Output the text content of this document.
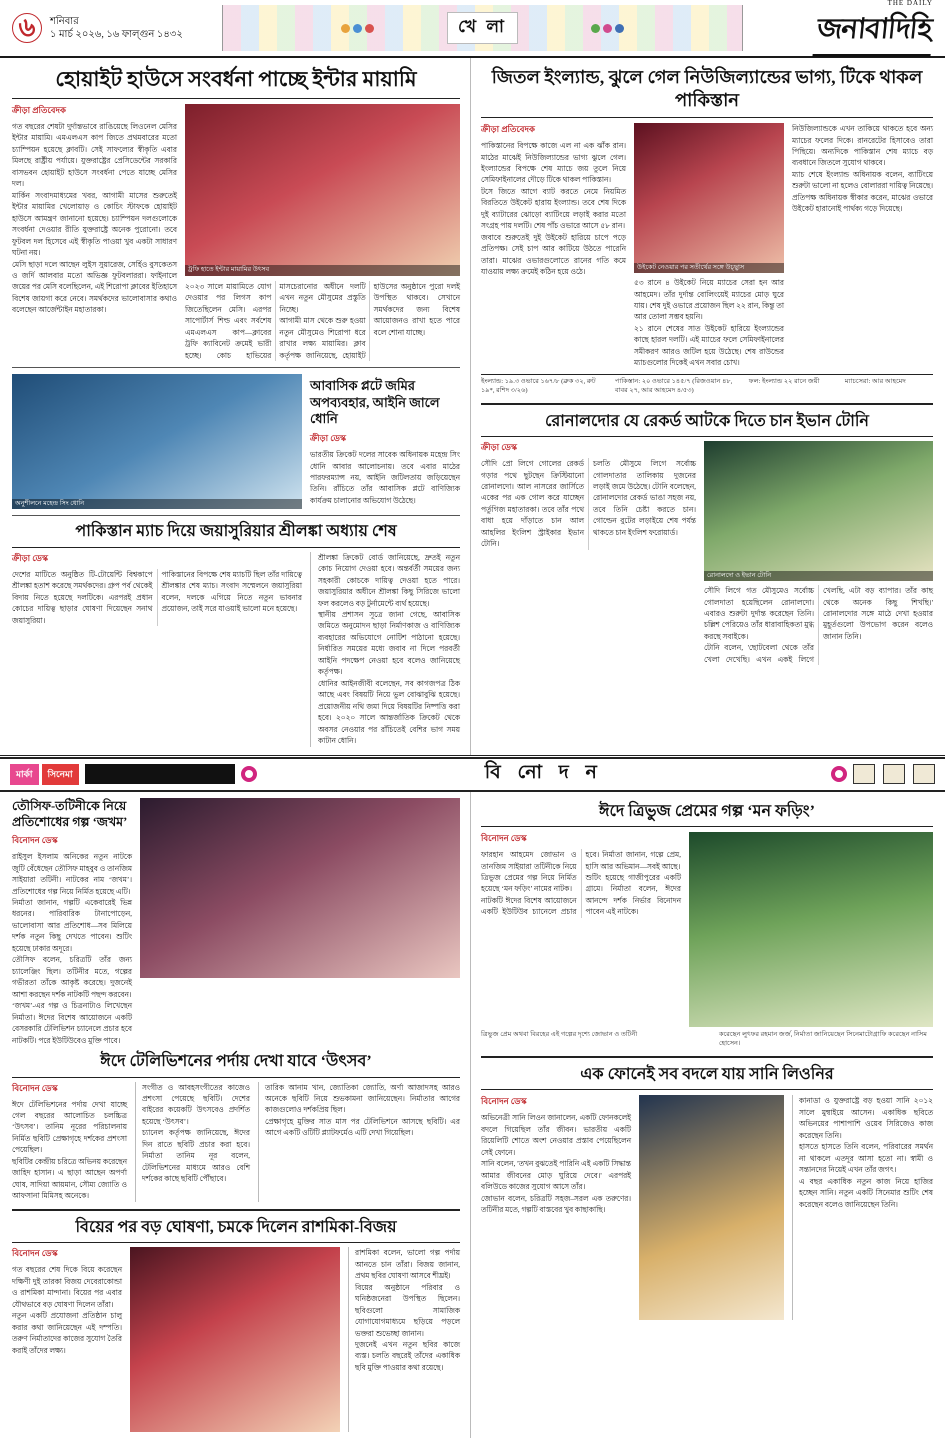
৬	শনিবার
১ মার্চ ২০২৬, ১৬ ফাল্গুন ১৪৩২	খে লা
THE DAILY
জনাবাদিহি
হোয়াইট হাউসে সংবর্ধনা পাচ্ছে ইন্টার মায়ামি
ক্রীড়া প্রতিবেদক
গত বছরের শেষটা দুর্দান্তভাবে রাঙিয়েছে লিওনেল মেসির ইন্টার মায়ামি। এমএলএস কাপ জিতে প্রথমবারের মতো চ্যাম্পিয়ন হয়েছে ক্লাবটি। সেই সাফল্যের স্বীকৃতি এবার মিলছে রাষ্ট্রীয় পর্যায়ে। যুক্তরাষ্ট্রের প্রেসিডেন্টের সরকারি বাসভবন হোয়াইট হাউসে সংবর্ধনা পেতে যাচ্ছে মেসির দল।
মার্কিন সংবাদমাধ্যমের খবর, আগামী মাসের শুরুতেই ইন্টার মায়ামির খেলোয়াড় ও কোচিং স্টাফকে হোয়াইট হাউসে আমন্ত্রণ জানানো হয়েছে। চ্যাম্পিয়ন দলগুলোকে সংবর্ধনা দেওয়ার রীতি যুক্তরাষ্ট্রে অনেক পুরোনো। তবে ফুটবল দল হিসেবে এই স্বীকৃতি পাওয়া খুব একটা সাধারণ ঘটনা নয়।
মেসি ছাড়া দলে আছেন লুইস সুয়ারেজ, সের্হিও বুসকেতস ও জর্দি আলবার মতো অভিজ্ঞ ফুটবলাররা। ফাইনালে জয়ের পর মেসি বলেছিলেন, এই শিরোপা ক্লাবের ইতিহাসে বিশেষ জায়গা করে নেবে। সমর্থকদের ভালোবাসার কথাও বলেছেন আর্জেন্টাইন মহাতারকা।
ট্রফি হাতে ইন্টার মায়ামির উৎসব
২০২৩ সালে মায়ামিতে যোগ দেওয়ার পর লিগস কাপ জিতেছিলেন মেসি। এরপর সাপোর্টার্স শিল্ড এবং সর্বশেষ এমএলএস কাপ—ক্লাবের ট্রফি ক্যাবিনেট ক্রমেই ভারী হচ্ছে। কোচ হাভিয়ের মাসচেরানোর অধীনে দলটি এখন নতুন মৌসুমের প্রস্তুতি নিচ্ছে।
আগামী মাস থেকে শুরু হওয়া নতুন মৌসুমেও শিরোপা ধরে রাখার লক্ষ্য মায়ামির। ক্লাব কর্তৃপক্ষ জানিয়েছে, হোয়াইট হাউসের অনুষ্ঠানে পুরো দলই উপস্থিত থাকবে। সেখানে সমর্থকদের জন্য বিশেষ আয়োজনও রাখা হতে পারে বলে শোনা যাচ্ছে।
অনুশীলনে মহেন্দ্র সিং ধোনি
আবাসিক প্লটে জমির অপব্যবহার, আইনি জালে ধোনি
ক্রীড়া ডেস্ক
ভারতীয় ক্রিকেট দলের সাবেক অধিনায়ক মহেন্দ্র সিং ধোনি আবার আলোচনায়। তবে এবার মাঠের পারফরম্যান্স নয়, আইনি জটিলতায় জড়িয়েছেন তিনি। রাঁচিতে তাঁর আবাসিক প্লটে বাণিজ্যিক কার্যক্রম চালানোর অভিযোগ উঠেছে।
পাকিস্তান ম্যাচ দিয়ে জয়াসুরিয়ার শ্রীলঙ্কা অধ্যায় শেষ
ক্রীড়া ডেস্ক
দেশের মাটিতে অনুষ্ঠিত টি-টোয়েন্টি বিশ্বকাপে শ্রীলঙ্কা হতাশ করেছে সমর্থকদের। গ্রুপ পর্ব থেকেই বিদায় নিতে হয়েছে দলটিকে। এরপরই প্রধান কোচের দায়িত্ব ছাড়ার ঘোষণা দিয়েছেন সনাথ জয়াসুরিয়া।
পাকিস্তানের বিপক্ষে শেষ ম্যাচটি ছিল তাঁর দায়িত্বে শ্রীলঙ্কার শেষ ম্যাচ। সংবাদ সম্মেলনে জয়াসুরিয়া বলেন, দলকে এগিয়ে নিতে নতুন ভাবনার প্রয়োজন, তাই সরে যাওয়াই ভালো মনে হয়েছে।
শ্রীলঙ্কা ক্রিকেট বোর্ড জানিয়েছে, দ্রুতই নতুন কোচ নিয়োগ দেওয়া হবে। অন্তর্বর্তী সময়ের জন্য সহকারী কোচকে দায়িত্ব দেওয়া হতে পারে। জয়াসুরিয়ার অধীনে শ্রীলঙ্কা কিছু সিরিজে ভালো ফল করলেও বড় টুর্নামেন্টে ব্যর্থ হয়েছে।
স্থানীয় প্রশাসন সূত্রে জানা গেছে, আবাসিক জমিতে অনুমোদন ছাড়া নির্মাণকাজ ও বাণিজ্যিক ব্যবহারের অভিযোগে নোটিশ পাঠানো হয়েছে। নির্ধারিত সময়ের মধ্যে জবাব না দিলে পরবর্তী আইনি পদক্ষেপ নেওয়া হবে বলেও জানিয়েছে কর্তৃপক্ষ।
ধোনির আইনজীবী বলেছেন, সব কাগজপত্র ঠিক আছে এবং বিষয়টি নিয়ে ভুল বোঝাবুঝি হয়েছে। প্রয়োজনীয় নথি জমা দিয়ে বিষয়টির নিষ্পত্তি করা হবে। ২০২০ সালে আন্তর্জাতিক ক্রিকেট থেকে অবসর নেওয়ার পর রাঁচিতেই বেশির ভাগ সময় কাটান ধোনি।
জিতল ইংল্যান্ড, ঝুলে গেল নিউজিল্যান্ডের ভাগ্য, টিকে থাকল পাকিস্তান
ক্রীড়া প্রতিবেদক
পাকিস্তানের বিপক্ষে কাজে এল না এক ঝাঁক রান। মাঠের মাঝেই নিউজিল্যান্ডের ভাগ্য ঝুলে গেল। ইংল্যান্ডের বিপক্ষে শেষ ম্যাচে জয় তুলে নিয়ে সেমিফাইনালের দৌড়ে টিকে থাকল পাকিস্তান।
টসে জিতে আগে ব্যাট করতে নেমে নিয়মিত বিরতিতে উইকেট হারায় ইংল্যান্ড। তবে শেষ দিকে দুই ব্যাটারের ঝোড়ো ব্যাটিংয়ে লড়াই করার মতো সংগ্রহ পায় দলটি। শেষ পাঁচ ওভারে আসে ৫৮ রান।
জবাবে শুরুতেই দুই উইকেট হারিয়ে চাপে পড়ে প্রতিপক্ষ। সেই চাপ আর কাটিয়ে উঠতে পারেনি তারা। মাঝের ওভারগুলোতে রানের গতি কমে যাওয়ায় লক্ষ্য ক্রমেই কঠিন হয়ে ওঠে।
উইকেট নেওয়ার পর সতীর্থের সঙ্গে উচ্ছ্বাস
৫৩ রানে ৪ উইকেট নিয়ে ম্যাচের সেরা হন আর আহমেদ। তাঁর দুর্দান্ত বোলিংয়েই ম্যাচের মোড় ঘুরে যায়। শেষ দুই ওভারে প্রয়োজন ছিল ২২ রান, কিন্তু তা আর তোলা সম্ভব হয়নি।
২১ রানে শেষের সাত উইকেট হারিয়ে ইংল্যান্ডের কাছে হারল দলটি। এই ম্যাচের ফলে সেমিফাইনালের সমীকরণ আরও জটিল হয়ে উঠেছে। শেষ রাউন্ডের ম্যাচগুলোর দিকেই এখন সবার চোখ।
নিউজিল্যান্ডকে এখন তাকিয়ে থাকতে হবে অন্য ম্যাচের ফলের দিকে। রানরেটের হিসাবেও তারা পিছিয়ে। অন্যদিকে পাকিস্তান শেষ ম্যাচে বড় ব্যবধানে জিতলে সুযোগ থাকবে।
ম্যাচ শেষে ইংল্যান্ড অধিনায়ক বলেন, ব্যাটিংয়ে শুরুটা ভালো না হলেও বোলাররা দায়িত্ব নিয়েছে। প্রতিপক্ষ অধিনায়ক স্বীকার করেন, মাঝের ওভারে উইকেট হারানোই পার্থক্য গড়ে দিয়েছে।
ইংল্যান্ড: ১৯.৩ ওভারে ১৬৭/৮ (ব্রুক ৩২, রুট ১৯*, রশিদ ৩/২৬)
পাকিস্তান: ২০ ওভারে ১৪৫/৭ (রিজওয়ান ৪৮, বাবর ২৭, আর আহমেদ ৪/৫৩)
ফল: ইংল্যান্ড ২২ রানে জয়ী	ম্যাচসেরা: আর আহমেদ
রোনালদোর যে রেকর্ড আটকে দিতে চান ইভান টোনি
ক্রীড়া ডেস্ক
সৌদি প্রো লিগে গোলের রেকর্ড গড়ার পথে ছুটছেন ক্রিস্টিয়ানো রোনালদো। আল নাসরের জার্সিতে একের পর এক গোল করে যাচ্ছেন পর্তুগিজ মহাতারকা। তবে তাঁর পথে বাধা হয়ে দাঁড়াতে চান আল আহলির ইংলিশ স্ট্রাইকার ইভান টোনি।
চলতি মৌসুমে লিগে সর্বোচ্চ গোলদাতার তালিকায় দুজনের লড়াই জমে উঠেছে। টোনি বলেছেন, রোনালদোর রেকর্ড ভাঙা সহজ নয়, তবে তিনি চেষ্টা করতে চান। গোল্ডেন বুটের লড়াইয়ে শেষ পর্যন্ত থাকতে চান ইংলিশ ফরোয়ার্ড।
রোনালদো ও ইভান টোনি
সৌদি লিগে গত মৌসুমেও সর্বোচ্চ গোলদাতা হয়েছিলেন রোনালদো। এবারও শুরুটা দুর্দান্ত করেছেন তিনি। চল্লিশ পেরিয়েও তাঁর ধারাবাহিকতা মুগ্ধ করছে সবাইকে।
টোনি বলেন, 'ছোটবেলা থেকে তাঁর খেলা দেখেছি। এখন একই লিগে খেলছি, এটা বড় ব্যাপার। তাঁর কাছ থেকে অনেক কিছু শিখছি।' রোনালদোর সঙ্গে মাঠে দেখা হওয়ার মুহূর্তগুলো উপভোগ করেন বলেও জানান তিনি।
মার্কা	সিনেমা	বি নো দ ন
তৌসিফ-তটিনীকে নিয়ে প্রতিশোধের গল্প ‘জখম’
বিনোদন ডেস্ক
রাইসুল ইসলাম অনিকের নতুন নাটকে জুটি বেঁধেছেন তৌসিফ মাহবুব ও তানজিম সাইয়ারা তটিনী। নাটকের নাম ‘জখম’। প্রতিশোধের গল্প নিয়ে নির্মিত হয়েছে এটি।
নির্মাতা জানান, গল্পটি একেবারেই ভিন্ন ধরনের। পারিবারিক টানাপোড়েন, ভালোবাসা আর প্রতিশোধ—সব মিলিয়ে দর্শক নতুন কিছু দেখতে পাবেন। শুটিং হয়েছে ঢাকার অদূরে।
তৌসিফ বলেন, চরিত্রটি তাঁর জন্য চ্যালেঞ্জিং ছিল। তটিনীর মতে, গল্পের গভীরতা তাঁকে আকৃষ্ট করেছে। দুজনেই আশা করছেন দর্শক নাটকটি পছন্দ করবেন।
‘জখম’-এর গল্প ও চিত্রনাট্যও লিখেছেন নির্মাতা। ঈদের বিশেষ আয়োজনে একটি বেসরকারি টেলিভিশন চ্যানেলে প্রচার হবে নাটকটি। পরে ইউটিউবেও মুক্তি পাবে।
ঈদে টেলিভিশনের পর্দায় দেখা যাবে ‘উৎসব’
বিনোদন ডেস্ক
ঈদে টেলিভিশনের পর্দায় দেখা যাচ্ছে গেল বছরের আলোচিত চলচ্চিত্র ‘উৎসব’। তানিম নূরের পরিচালনায় নির্মিত ছবিটি প্রেক্ষাগৃহে দর্শকের প্রশংসা পেয়েছিল।
ছবিটির কেন্দ্রীয় চরিত্রে অভিনয় করেছেন জাহিদ হাসান। এ ছাড়া আছেন অপর্ণা ঘোষ, সাদিয়া আয়মান, সৌম্য জ্যোতি ও আফসানা মিমিসহ অনেকে।
সংগীত ও আবহসংগীতের কাজেও প্রশংসা পেয়েছে ছবিটি। দেশের বাইরের কয়েকটি উৎসবেও প্রদর্শিত হয়েছে ‘উৎসব’।
চ্যানেল কর্তৃপক্ষ জানিয়েছে, ঈদের দিন রাতে ছবিটি প্রচার করা হবে। নির্মাতা তানিম নূর বলেন, টেলিভিশনের মাধ্যমে আরও বেশি দর্শকের কাছে ছবিটি পৌঁছাবে।
তারিক আনাম খান, জ্যোতিকা জ্যোতি, অর্ণা আজাদসহ আরও অনেকে ছবিটি নিয়ে শুভকামনা জানিয়েছেন। নির্মাতার আগের কাজগুলোও দর্শকপ্রিয় ছিল।
প্রেক্ষাগৃহে মুক্তির সাত মাস পর টেলিভিশনে আসছে ছবিটি। এর আগে একটি ওটিটি প্ল্যাটফর্মেও এটি দেখা গিয়েছিল।
বিয়ের পর বড় ঘোষণা, চমকে দিলেন রাশমিকা-বিজয়
বিনোদন ডেস্ক
গত বছরের শেষ দিকে বিয়ে করেছেন দক্ষিণী দুই তারকা বিজয় দেবেরাকোন্ডা ও রাশমিকা মান্দানা। বিয়ের পর এবার যৌথভাবে বড় ঘোষণা দিলেন তাঁরা।
নতুন একটি প্রযোজনা প্রতিষ্ঠান চালু করার কথা জানিয়েছেন এই দম্পতি। তরুণ নির্মাতাদের কাজের সুযোগ তৈরি করাই তাঁদের লক্ষ্য।
রাশমিকা বলেন, ভালো গল্প পর্দায় আনতে চান তাঁরা। বিজয় জানান, প্রথম ছবির ঘোষণা আসবে শীঘ্রই।
বিয়ের অনুষ্ঠানে পরিবার ও ঘনিষ্ঠজনেরা উপস্থিত ছিলেন। ছবিগুলো সামাজিক যোগাযোগমাধ্যমে ছড়িয়ে পড়লে ভক্তরা শুভেচ্ছা জানান।
দুজনেই এখন নতুন ছবির কাজে ব্যস্ত। চলতি বছরেই তাঁদের একাধিক ছবি মুক্তি পাওয়ার কথা রয়েছে।
ঈদে ত্রিভুজ প্রেমের গল্প ‘মন ফড়িং’
বিনোদন ডেস্ক
ফারহান আহমেদ জোভান ও তানজিম সাইয়ারা তটিনীকে নিয়ে ত্রিভুজ প্রেমের গল্প নিয়ে নির্মিত হয়েছে ‘মন ফড়িং’ নামের নাটক।
নাটকটি ঈদের বিশেষ আয়োজনে একটি ইউটিউব চ্যানেলে প্রচার হবে। নির্মাতা জানান, গল্পে প্রেম, হাসি আর অভিমান—সবই আছে।
শুটিং হয়েছে গাজীপুরের একটি গ্রামে। নির্মাতা বলেন, ঈদের আনন্দে দর্শক নির্ভার বিনোদন পাবেন এই নাটকে।
ত্রিভুজ প্রেম অথবা বিরহের এই গল্পের দৃশ্যে জোভান ও তটিনী	করেছেন লুৎফর রহমান জর্জ, নির্মাতা জানিয়েছেন সিনেমাটোগ্রাফি করেছেন নাসিম হোসেন।
এক ফোনেই সব বদলে যায় সানি লিওনির
বিনোদন ডেস্ক
অভিনেত্রী সানি লিওন জানালেন, একটি ফোনকলেই বদলে গিয়েছিল তাঁর জীবন। ভারতীয় একটি রিয়েলিটি শোতে অংশ নেওয়ার প্রস্তাব পেয়েছিলেন সেই ফোনে।
সানি বলেন, 'তখন বুঝতেই পারিনি এই একটি সিদ্ধান্ত আমার জীবনের মোড় ঘুরিয়ে দেবে।' এরপরই বলিউডে কাজের সুযোগ আসে তাঁর।
জোভান বলেন, চরিত্রটি সহজ–সরল এক তরুণের। তটিনীর মতে, গল্পটি বাস্তবের খুব কাছাকাছি।
কানাডা ও যুক্তরাষ্ট্রে বড় হওয়া সানি ২০১২ সালে মুম্বাইয়ে আসেন। একাধিক ছবিতে অভিনয়ের পাশাপাশি ওয়েব সিরিজেও কাজ করেছেন তিনি।
হাসতে হাসতে তিনি বলেন, পরিবারের সমর্থন না থাকলে এতদূর আসা হতো না। স্বামী ও সন্তানদের নিয়েই এখন তাঁর জগৎ।
এ বছর একাধিক নতুন কাজ নিয়ে হাজির হচ্ছেন সানি। নতুন একটি সিনেমার শুটিং শেষ করেছেন বলেও জানিয়েছেন তিনি।
